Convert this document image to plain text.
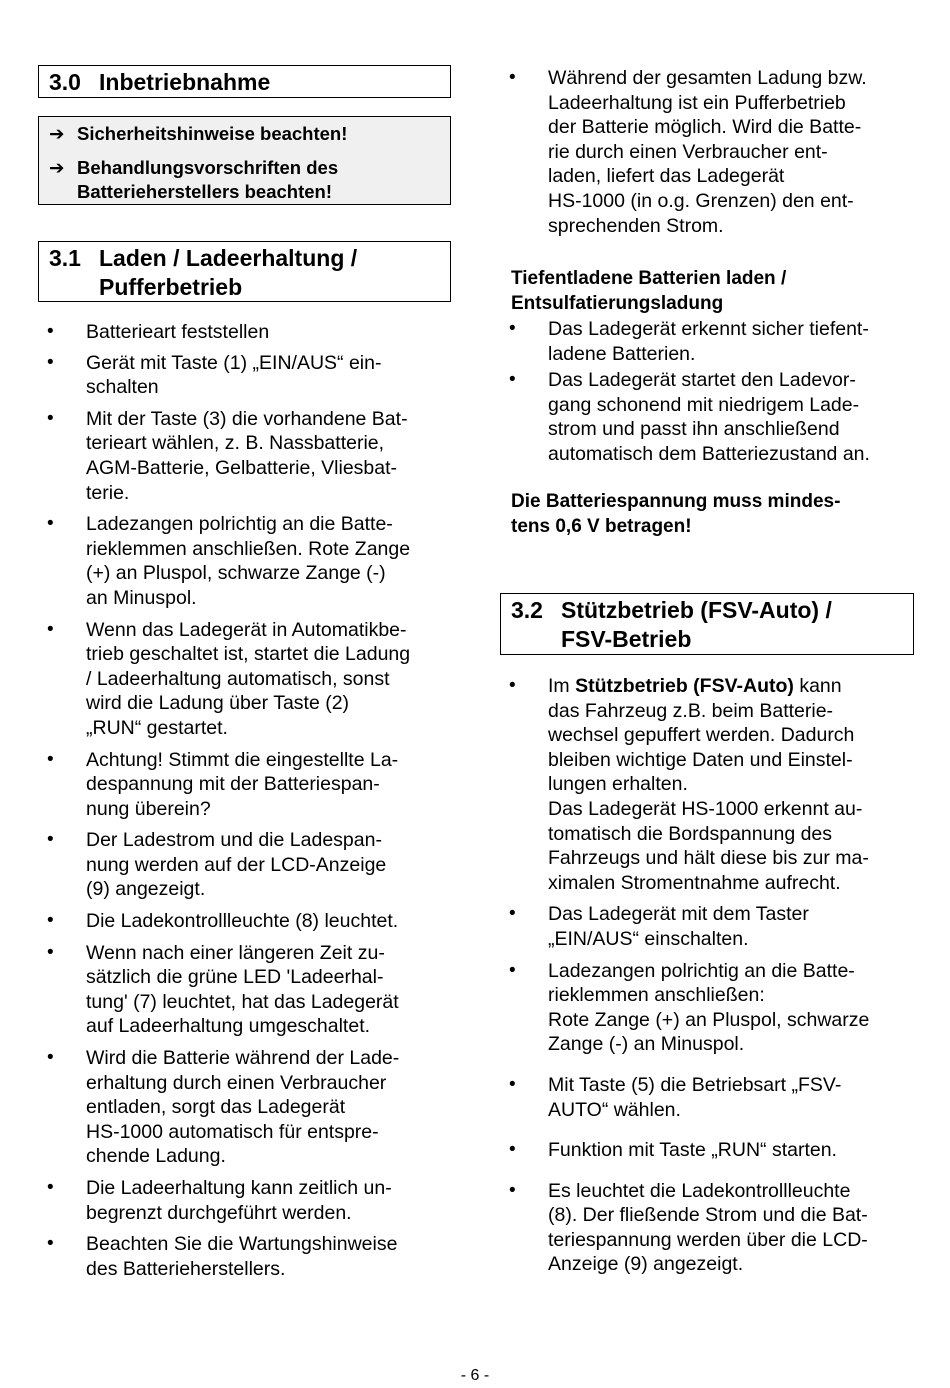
3.0 Inbetriebnahme
➔ Sicherheitshinweise beachten!
➔ Behandlungsvorschriften des
Batterieherstellers beachten!
3.1 Laden / Ladeerhaltung /
Pufferbetrieb
• Batterieart feststellen
• Gerät mit Taste (1) „EIN/AUS“ ein-
schalten
• Mit der Taste (3) die vorhandene Bat-
terieart wählen, z. B. Nassbatterie,
AGM-Batterie, Gelbatterie, Vliesbat-
terie.
• Ladezangen polrichtig an die Batte-
rieklemmen anschließen. Rote Zange
(+) an Pluspol, schwarze Zange (-)
an Minuspol.
• Wenn das Ladegerät in Automatikbe-
trieb geschaltet ist, startet die Ladung
/ Ladeerhaltung automatisch, sonst
wird die Ladung über Taste (2)
„RUN“ gestartet.
• Achtung! Stimmt die eingestellte La-
despannung mit der Batteriespan-
nung überein?
• Der Ladestrom und die Ladespan-
nung werden auf der LCD-Anzeige
(9) angezeigt.
• Die Ladekontrollleuchte (8) leuchtet.
• Wenn nach einer längeren Zeit zu-
sätzlich die grüne LED 'Ladeerhal-
tung' (7) leuchtet, hat das Ladegerät
auf Ladeerhaltung umgeschaltet.
• Wird die Batterie während der Lade-
erhaltung durch einen Verbraucher
entladen, sorgt das Ladegerät
HS-1000 automatisch für entspre-
chende Ladung.
• Die Ladeerhaltung kann zeitlich un-
begrenzt durchgeführt werden.
• Beachten Sie die Wartungshinweise
des Batterieherstellers.
• Während der gesamten Ladung bzw.
Ladeerhaltung ist ein Pufferbetrieb
der Batterie möglich. Wird die Batte-
rie durch einen Verbraucher ent-
laden, liefert das Ladegerät
HS-1000 (in o.g. Grenzen) den ent-
sprechenden Strom.

Tiefentladene Batterien laden /
Entsulfatierungsladung

• Das Ladegerät erkennt sicher tiefent-
ladene Batterien.
• Das Ladegerät startet den Ladevor-
gang schonend mit niedrigem Lade-
strom und passt ihn anschließend
automatisch dem Batteriezustand an.

Die Batteriespannung muss mindes-
tens 0,6 V betragen!

3.2 Stützbetrieb (FSV-Auto) /
FSV-Betrieb
• Im Stützbetrieb (FSV-Auto) kann
das Fahrzeug z.B. beim Batterie-
wechsel gepuffert werden. Dadurch
bleiben wichtige Daten und Einstel-
lungen erhalten.
Das Ladegerät HS-1000 erkennt au-
tomatisch die Bordspannung des
Fahrzeugs und hält diese bis zur ma-
ximalen Stromentnahme aufrecht.
• Das Ladegerät mit dem Taster
„EIN/AUS“ einschalten.
• Ladezangen polrichtig an die Batte-
rieklemmen anschließen:
Rote Zange (+) an Pluspol, schwarze
Zange (-) an Minuspol.
• Mit Taste (5) die Betriebsart „FSV-
AUTO“ wählen.
• Funktion mit Taste „RUN“ starten.
• Es leuchtet die Ladekontrollleuchte
(8). Der fließende Strom und die Bat-
teriespannung werden über die LCD-
Anzeige (9) angezeigt.
- 6 -
